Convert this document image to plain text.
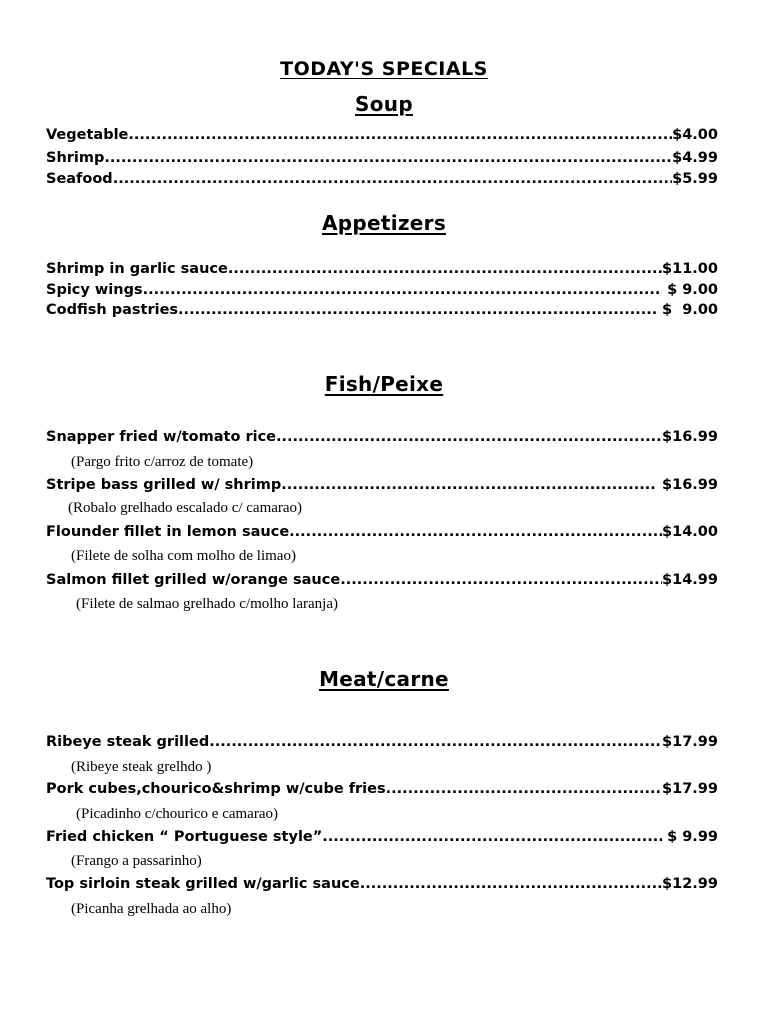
TODAY'S SPECIALS
Soup
Vegetable .....	$4.00
Shrimp .....	$4.99
Seafood .....	$5.99
Appetizers
Shrimp in garlic sauce .....	$11.00
Spicy wings .....	$ 9.00
Codfish pastries .....	$  9.00
Fish/Peixe
Snapper fried w/tomato rice .....	$16.99
(Pargo frito c/arroz de tomate)
Stripe bass grilled w/ shrimp .....	$16.99
(Robalo grelhado escalado c/ camarao)
Flounder fillet in lemon sauce .....	$14.00
(Filete de solha com molho de limao)
Salmon fillet grilled w/orange sauce .....	$14.99
(Filete de salmao grelhado c/molho laranja)
Meat/carne
Ribeye steak grilled .....	$17.99
(Ribeye steak grelhdo )
Pork cubes,chourico&shrimp w/cube fries .....	$17.99
(Picadinho c/chourico e camarao)
Fried chicken “ Portuguese style” .....	$ 9.99
(Frango a passarinho)
Top sirloin steak grilled w/garlic sauce .....	$12.99
(Picanha grelhada ao alho)
